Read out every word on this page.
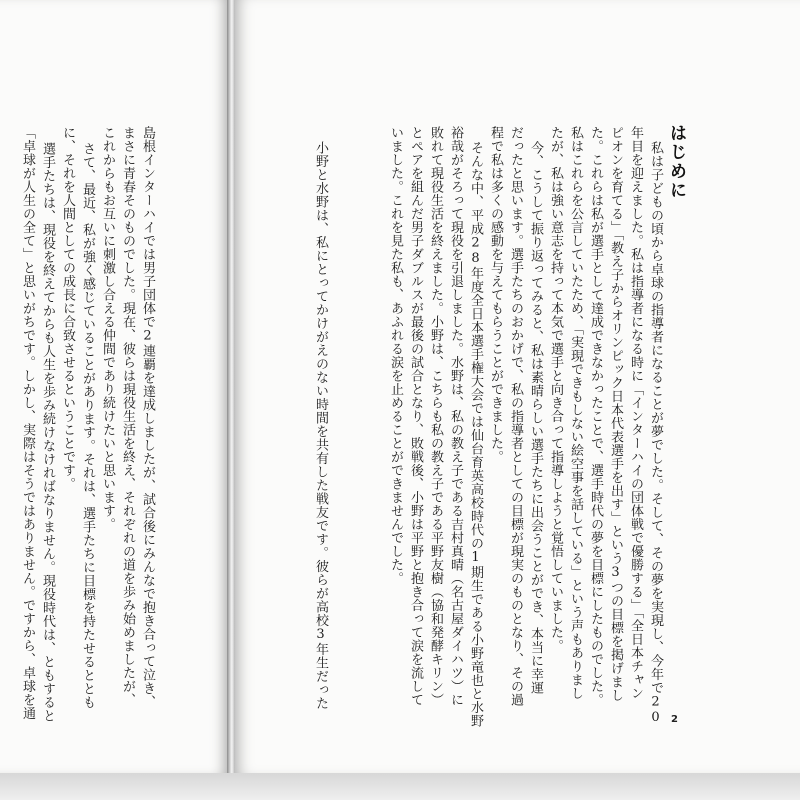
島根インターハイでは男子団体で2連覇を達成しましたが、試合後にみんなで抱き合って泣き、
まさに青春そのものでした。現在、彼らは現役生活を終え、それぞれの道を歩み始めましたが、
これからもお互いに刺激し合える仲間であり続けたいと思います。
さて、最近、私が強く感じていることがあります。それは、選手たちに目標を持たせるととも
に、それを人間としての成長に合致させるということです。
選手たちは、現役を終えてからも人生を歩み続けなければなりません。現役時代は、ともすると
「卓球が人生の全て」と思いがちです。しかし、実際はそうではありません。ですから、卓球を通	はじめに
私は子どもの頃から卓球の指導者になることが夢でした。そして、その夢を実現し、今年で20
年目を迎えました。私は指導者になる時に「インターハイの団体戦で優勝する」「全日本チャン
ピオンを育てる」「教え子からオリンピック日本代表選手を出す」という3つの目標を掲げまし
た。これらは私が選手として達成できなかったことで、選手時代の夢を目標にしたものでした。
私はこれらを公言していたため、「実現できもしない絵空事を話している」という声もありまし
たが、私は強い意志を持って本気で選手と向き合って指導しようと覚悟していました。
今、こうして振り返ってみると、私は素晴らしい選手たちに出会うことができ、本当に幸運
だったと思います。選手たちのおかげで、私の指導者としての目標が現実のものとなり、その過
程で私は多くの感動を与えてもらうことができました。
そんな中、平成28年度全日本選手権大会では仙台育英高校時代の1期生である小野竜也と水野
裕哉がそろって現役を引退しました。水野は、私の教え子である吉村真晴（名古屋ダイハツ）に
敗れて現役生活を終えました。小野は、こちらも私の教え子である平野友樹（協和発酵キリン）
とペアを組んだ男子ダブルスが最後の試合となり、敗戦後、小野は平野と抱き合って涙を流して
いました。これを見た私も、あふれる涙を止めることができませんでした。
小野と水野は、私にとってかけがえのない時間を共有した戦友です。彼らが高校3年生だった
2
